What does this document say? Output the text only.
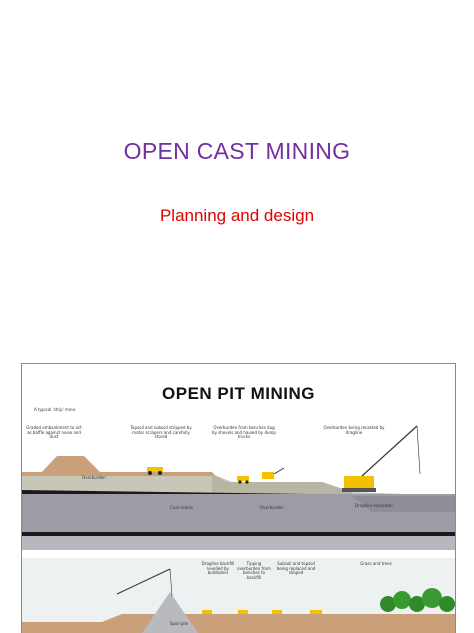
OPEN CAST MINING
Planning and design
OPEN PIT MINING
A typical 'strip' mine.
Graded embankment to act as baffle against noise and dust
Topsoil and subsoil stripped by motor scrapers and carefully stored
Overburden from benches dug by shovels and hauled by dump trucks
Overburden being recasted by dragline
Overburden
Coal seams	Overburden	Dragline excavator
Dragline backfill levelled by bulldozers
Tipping overburden from benches to backfill
Subsoil and topsoil being replaced and shaped
Grass and trees
Spoil pile
